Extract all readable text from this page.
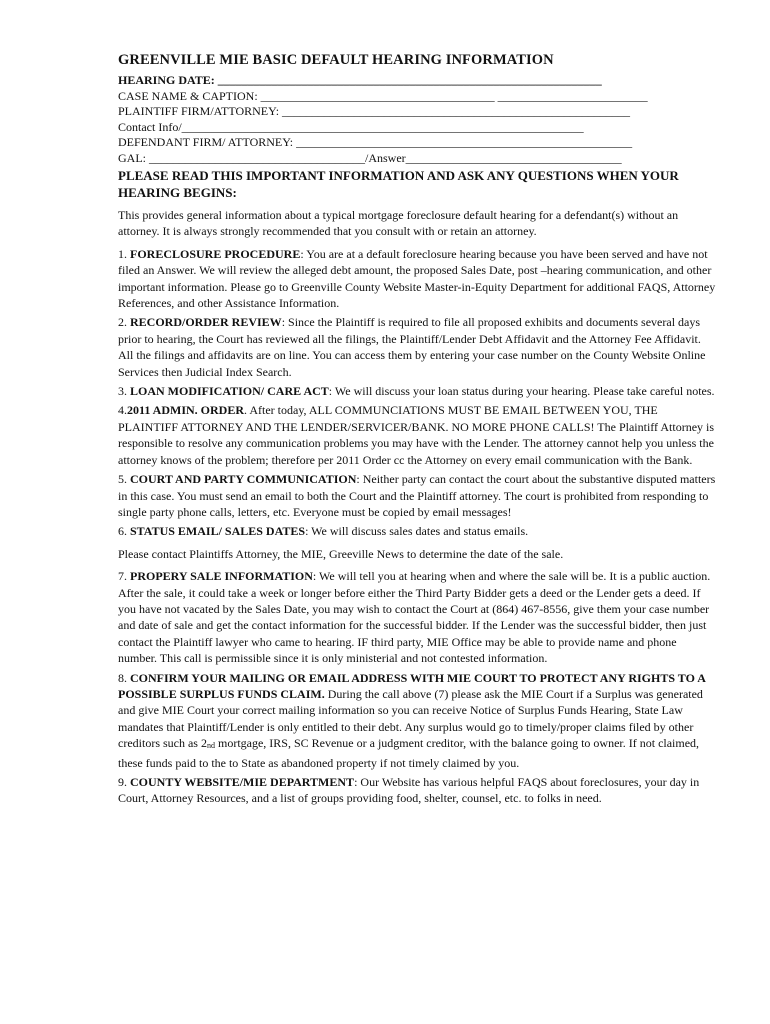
GREENVILLE MIE BASIC DEFAULT HEARING INFORMATION
HEARING DATE: ________________________________________________________________
CASE NAME & CAPTION: _______________________________________ _________________________
PLAINTIFF FIRM/ATTORNEY: __________________________________________________________
Contact Info/___________________________________________________________________
DEFENDANT FIRM/ ATTORNEY: ________________________________________________________
GAL: ____________________________________/Answer____________________________________
PLEASE READ THIS IMPORTANT INFORMATION AND ASK ANY QUESTIONS WHEN YOUR HEARING BEGINS:

This provides general information about a typical mortgage foreclosure default hearing for a defendant(s) without an attorney. It is always strongly recommended that you consult with or retain an attorney.

1. FORECLOSURE PROCEDURE: You are at a default foreclosure hearing because you have been served and have not filed an Answer. We will review the alleged debt amount, the proposed Sales Date, post –hearing communication, and other important information. Please go to Greenville County Website Master-in-Equity Department for additional FAQS, Attorney References, and other Assistance Information.

2. RECORD/ORDER REVIEW: Since the Plaintiff is required to file all proposed exhibits and documents several days prior to hearing, the Court has reviewed all the filings, the Plaintiff/Lender Debt Affidavit and the Attorney Fee Affidavit. All the filings and affidavits are on line. You can access them by entering your case number on the County Website Online Services then Judicial Index Search.

3. LOAN MODIFICATION/ CARE ACT: We will discuss your loan status during your hearing. Please take careful notes.

4.2011 ADMIN. ORDER. After today, ALL COMMUNCIATIONS MUST BE EMAIL BETWEEN YOU, THE PLAINTIFF ATTORNEY AND THE LENDER/SERVICER/BANK. NO MORE PHONE CALLS! The Plaintiff Attorney is responsible to resolve any communication problems you may have with the Lender. The attorney cannot help you unless the attorney knows of the problem; therefore per 2011 Order cc the Attorney on every email communication with the Bank.

5. COURT AND PARTY COMMUNICATION: Neither party can contact the court about the substantive disputed matters in this case. You must send an email to both the Court and the Plaintiff attorney. The court is prohibited from responding to single party phone calls, letters, etc. Everyone must be copied by email messages!

6. STATUS EMAIL/ SALES DATES: We will discuss sales dates and status emails.

Please contact Plaintiffs Attorney, the MIE, Greeville News to determine the date of the sale.

7. PROPERY SALE INFORMATION: We will tell you at hearing when and where the sale will be. It is a public auction. After the sale, it could take a week or longer before either the Third Party Bidder gets a deed or the Lender gets a deed. If you have not vacated by the Sales Date, you may wish to contact the Court at (864) 467-8556, give them your case number and date of sale and get the contact information for the successful bidder. If the Lender was the successful bidder, then just contact the Plaintiff lawyer who came to hearing. IF third party, MIE Office may be able to provide name and phone number. This call is permissible since it is only ministerial and not contested information.

8. CONFIRM YOUR MAILING OR EMAIL ADDRESS WITH MIE COURT TO PROTECT ANY RIGHTS TO A POSSIBLE SURPLUS FUNDS CLAIM. During the call above (7) please ask the MIE Court if a Surplus was generated and give MIE Court your correct mailing information so you can receive Notice of Surplus Funds Hearing, State Law mandates that Plaintiff/Lender is only entitled to their debt. Any surplus would go to timely/proper claims filed by other creditors such as $2_{nd}$ mortgage, IRS, SC Revenue or a judgment creditor, with the balance going to owner. If not claimed, these funds paid to the to State as abandoned property if not timely claimed by you.

9. COUNTY WEBSITE/MIE DEPARTMENT: Our Website has various helpful FAQS about foreclosures, your day in Court, Attorney Resources, and a list of groups providing food, shelter, counsel, etc. to folks in need.
